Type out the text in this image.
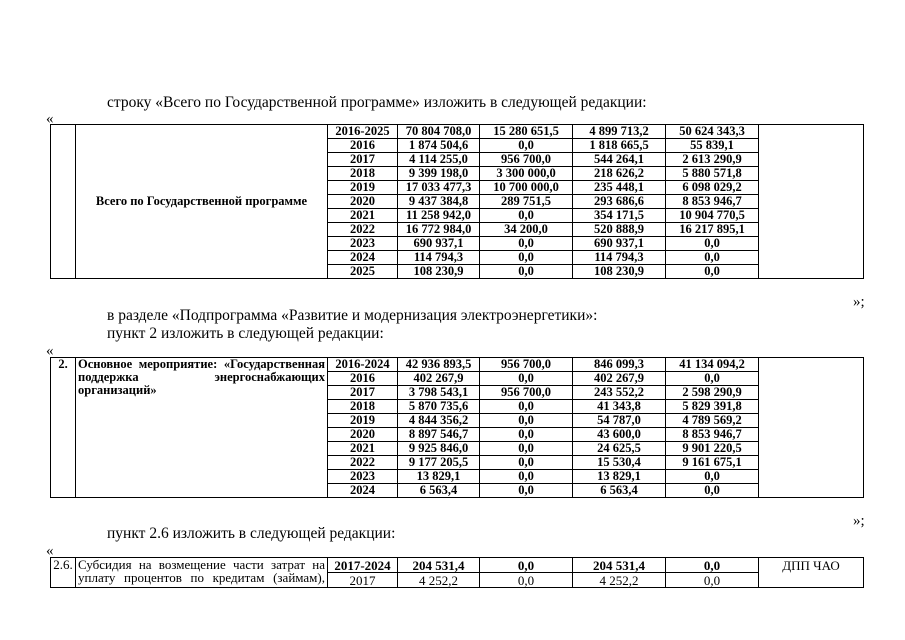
строку «Всего по Государственной программе» изложить в следующей редакции:
«
	Всего по Государственной программе	2016-2025	70 804 708,0	15 280 651,5	4 899 713,2	50 624 343,3	
		2016	1 874 504,6	0,0	1 818 665,5	55 839,1	
		2017	4 114 255,0	956 700,0	544 264,1	2 613 290,9	
		2018	9 399 198,0	3 300 000,0	218 626,2	5 880 571,8	
		2019	17 033 477,3	10 700 000,0	235 448,1	6 098 029,2	
		2020	9 437 384,8	289 751,5	293 686,6	8 853 946,7	
		2021	11 258 942,0	0,0	354 171,5	10 904 770,5	
		2022	16 772 984,0	34 200,0	520 888,9	16 217 895,1	
		2023	690 937,1	0,0	690 937,1	0,0	
		2024	114 794,3	0,0	114 794,3	0,0	
		2025	108 230,9	0,0	108 230,9	0,0	
»;
в разделе «Подпрограмма «Развитие и модернизация электроэнергетики»:
пункт 2 изложить в следующей редакции:
«
2.	Основное мероприятие: «Государственная поддержка энергоснабжающих организаций»	2016-2024	42 936 893,5	956 700,0	846 099,3	41 134 094,2	
		2016	402 267,9	0,0	402 267,9	0,0	
		2017	3 798 543,1	956 700,0	243 552,2	2 598 290,9	
		2018	5 870 735,6	0,0	41 343,8	5 829 391,8	
		2019	4 844 356,2	0,0	54 787,0	4 789 569,2	
		2020	8 897 546,7	0,0	43 600,0	8 853 946,7	
		2021	9 925 846,0	0,0	24 625,5	9 901 220,5	
		2022	9 177 205,5	0,0	15 530,4	9 161 675,1	
		2023	13 829,1	0,0	13 829,1	0,0	
		2024	6 563,4	0,0	6 563,4	0,0	
»;
пункт 2.6 изложить в следующей редакции:
«
2.6.	Субсидия на возмещение части затрат на уплату процентов по кредитам (займам),	2017-2024	204 531,4	0,0	204 531,4	0,0	ДПП ЧАО
		2017	4 252,2	0,0	4 252,2	0,0	
